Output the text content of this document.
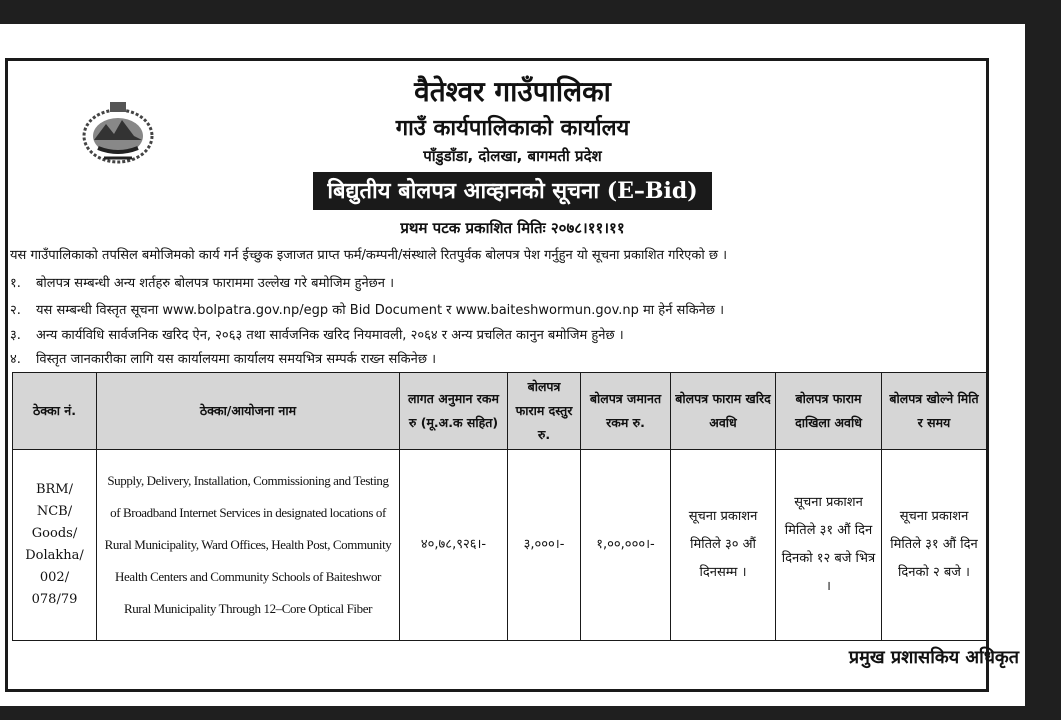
वैतेश्वर गाउँपालिका
गाउँ कार्यपालिकाको कार्यालय
पाँडुडाँडा, दोलखा, बागमती प्रदेश
बिद्युतीय बोलपत्र आव्हानको सूचना (E–Bid)
प्रथम पटक प्रकाशित मितिः २०७८।११।११
यस गाउँपालिकाको तपसिल बमोजिमको कार्य गर्न ईच्छुक इजाजत प्राप्त फर्म/कम्पनी/संस्थाले रितपुर्वक बोलपत्र पेश गर्नुहुन यो सूचना प्रकाशित गरिएको छ ।
१. बोलपत्र सम्बन्धी अन्य शर्तहरु बोलपत्र फाराममा उल्लेख गरे बमोजिम हुनेछन ।
२. यस सम्बन्धी विस्तृत सूचना www.bolpatra.gov.np/egp को Bid Document र www.baiteshwormun.gov.np मा हेर्न सकिनेछ ।
३. अन्य कार्यविधि सार्वजनिक खरिद ऐन, २०६३ तथा सार्वजनिक खरिद नियमावली, २०६४ र अन्य प्रचलित कानुन बमोजिम हुनेछ ।
४. विस्तृत जानकारीका लागि यस कार्यालयमा कार्यालय समयभित्र सम्पर्क राख्न सकिनेछ ।
ठेक्का नं.	ठेक्का/आयोजना नाम	लागत अनुमान रकम रु (मू.अ.क सहित)	बोलपत्र फाराम दस्तुर रु.	बोलपत्र जमानत रकम रु.	बोलपत्र फाराम खरिद अवधि	बोलपत्र फाराम दाखिला अवधि	बोलपत्र खोल्ने मिति र समय
BRM/ NCB/ Goods/ Dolakha/ 002/ 078/79	Supply, Delivery, Installation, Commissioning and Testing of Broadband Internet Services in designated locations of Rural Municipality, Ward Offices, Health Post, Community Health Centers and Community Schools of Baiteshwor Rural Municipality Through 12–Core Optical Fiber	४०,७८,९२६।-	३,०००।-	१,००,०००।-	सूचना प्रकाशन मितिले ३० औं दिनसम्म ।	सूचना प्रकाशन मितिले ३१ औं दिन दिनको १२ बजे भित्र ।	सूचना प्रकाशन मितिले ३१ औं दिन दिनको २ बजे ।
प्रमुख प्रशासकिय अधिकृत
